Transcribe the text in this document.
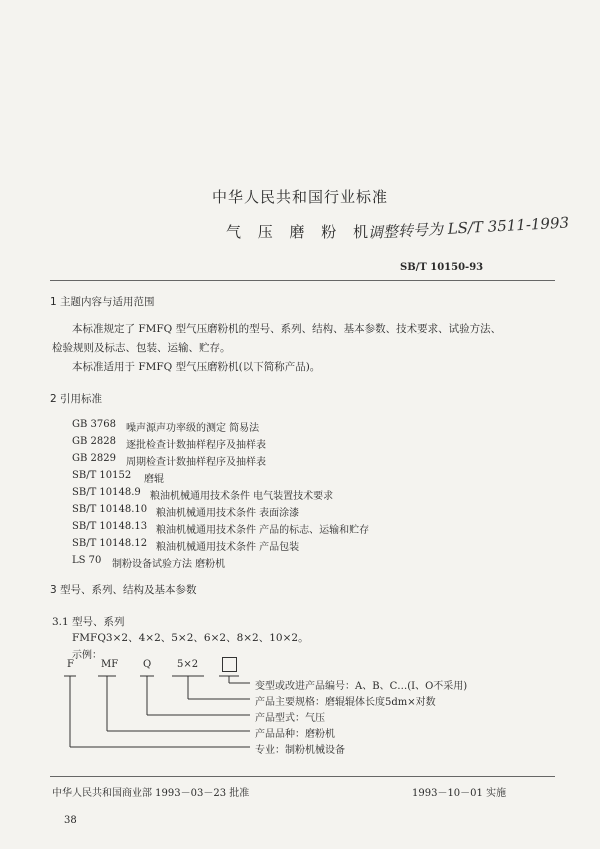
中华人民共和国行业标准
气 压 磨 粉 机
调整转号为 LS/T 3511-1993
SB/T 10150-93
1 主题内容与适用范围
本标准规定了 FMFQ 型气压磨粉机的型号、系列、结构、基本参数、技术要求、试验方法、
检验规则及标志、包装、运输、贮存。
本标准适用于 FMFQ 型气压磨粉机(以下简称产品)。
2 引用标准
GB 3768 噪声源声功率级的测定 简易法
GB 2828 逐批检查计数抽样程序及抽样表
GB 2829 周期检查计数抽样程序及抽样表
SB/T 10152 磨辊
SB/T 10148.9 粮油机械通用技术条件 电气装置技术要求
SB/T 10148.10 粮油机械通用技术条件 表面涂漆
SB/T 10148.13 粮油机械通用技术条件 产品的标志、运输和贮存
SB/T 10148.12 粮油机械通用技术条件 产品包装
LS 70 制粉设备试验方法 磨粉机
3 型号、系列、结构及基本参数
3.1 型号、系列
FMFQ3×2、4×2、5×2、6×2、8×2、10×2。
示例：
F	MF Q	5×2
变型或改进产品编号：A、B、C…(I、O不采用)
产品主要规格：磨辊辊体长度5dm×对数
产品型式：气压
产品品种：磨粉机
专业：制粉机械设备
中华人民共和国商业部 1993－03－23 批准	1993－10－01 实施
38
